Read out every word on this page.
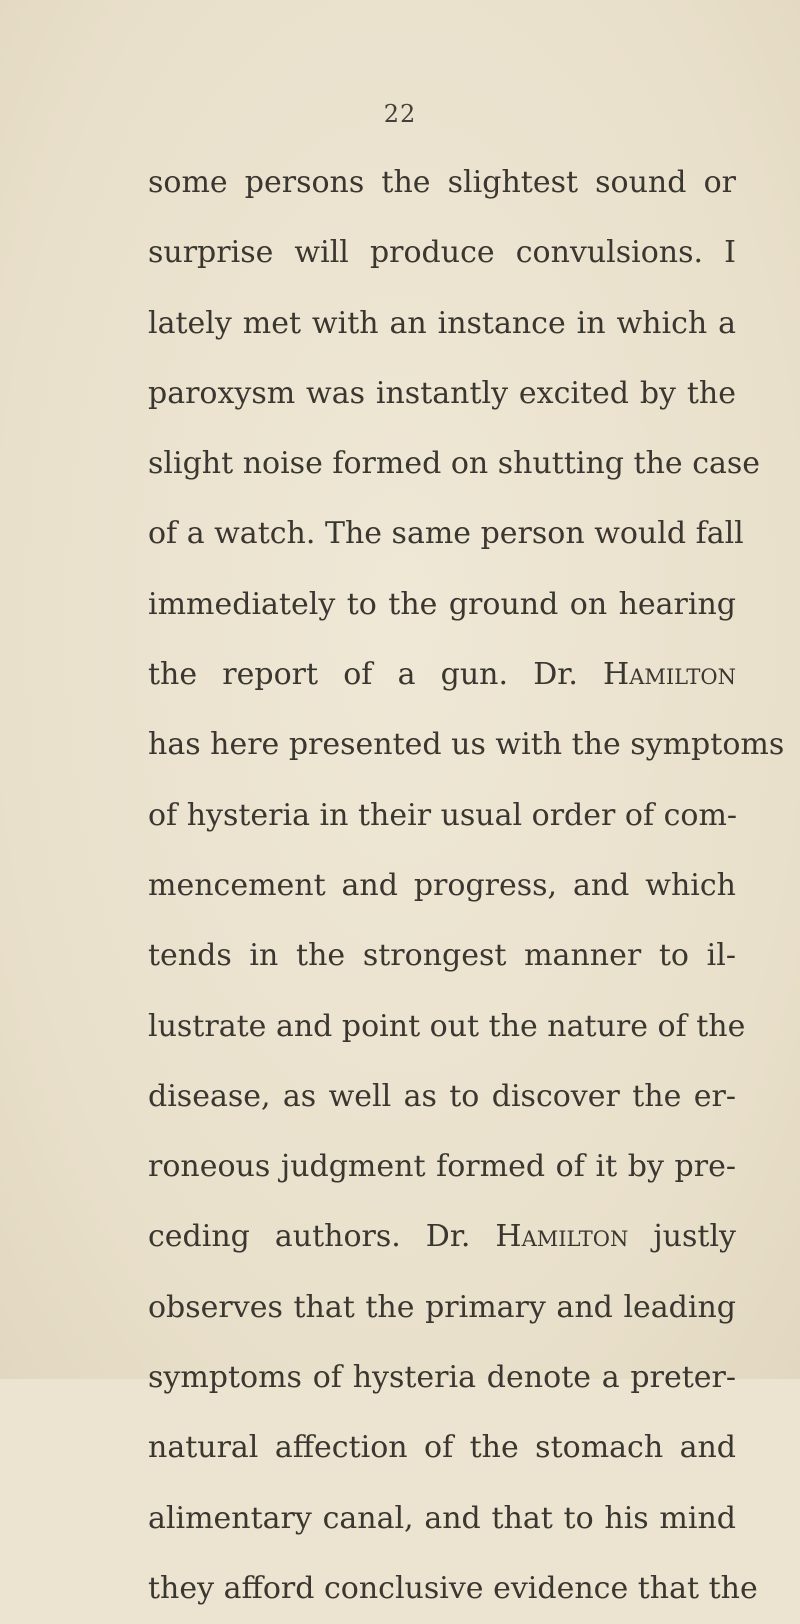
22
some persons the slightest sound or
surprise will produce convulsions. I
lately met with an instance in which a
paroxysm was instantly excited by the
slight noise formed on shutting the case
of a watch. The same person would fall
immediately to the ground on hearing
the report of a gun. Dr. Hamilton
has here presented us with the symptoms
of hysteria in their usual order of com-
mencement and progress, and which
tends in the strongest manner to il-
lustrate and point out the nature of the
disease, as well as to discover the er-
roneous judgment formed of it by pre-
ceding authors. Dr. Hamilton justly
observes that the primary and leading
symptoms of hysteria denote a preter-
natural affection of the stomach and
alimentary canal, and that to his mind
they afford conclusive evidence that the
